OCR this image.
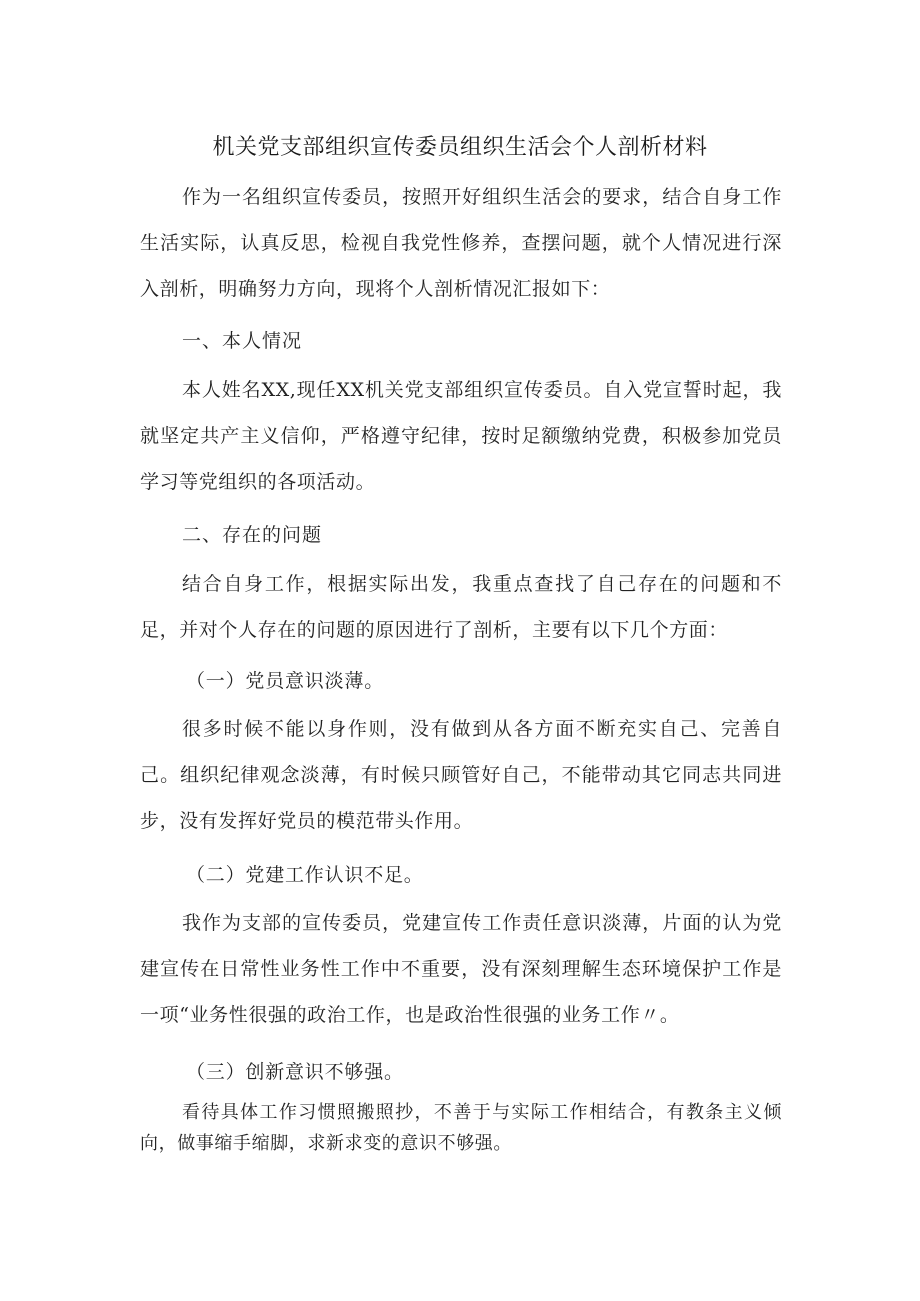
机关党支部组织宣传委员组织生活会个人剖析材料

作为一名组织宣传委员，按照开好组织生活会的要求，结合自身工作生活实际，认真反思，检视自我党性修养，查摆问题，就个人情况进行深入剖析，明确努力方向，现将个人剖析情况汇报如下：

一、本人情况

本人姓名XX,现任XX机关党支部组织宣传委员。自入党宣誓时起，我就坚定共产主义信仰，严格遵守纪律，按时足额缴纳党费，积极参加党员学习等党组织的各项活动。

二、存在的问题

结合自身工作，根据实际出发，我重点查找了自己存在的问题和不足，并对个人存在的问题的原因进行了剖析，主要有以下几个方面：

（一）党员意识淡薄。

很多时候不能以身作则，没有做到从各方面不断充实自己、完善自己。组织纪律观念淡薄，有时候只顾管好自己，不能带动其它同志共同进步，没有发挥好党员的模范带头作用。

（二）党建工作认识不足。

我作为支部的宣传委员，党建宣传工作责任意识淡薄，片面的认为党建宣传在日常性业务性工作中不重要，没有深刻理解生态环境保护工作是一项“业务性很强的政治工作，也是政治性很强的业务工作〃。

（三）创新意识不够强。

看待具体工作习惯照搬照抄，不善于与实际工作相结合，有教条主义倾向，做事缩手缩脚，求新求变的意识不够强。
